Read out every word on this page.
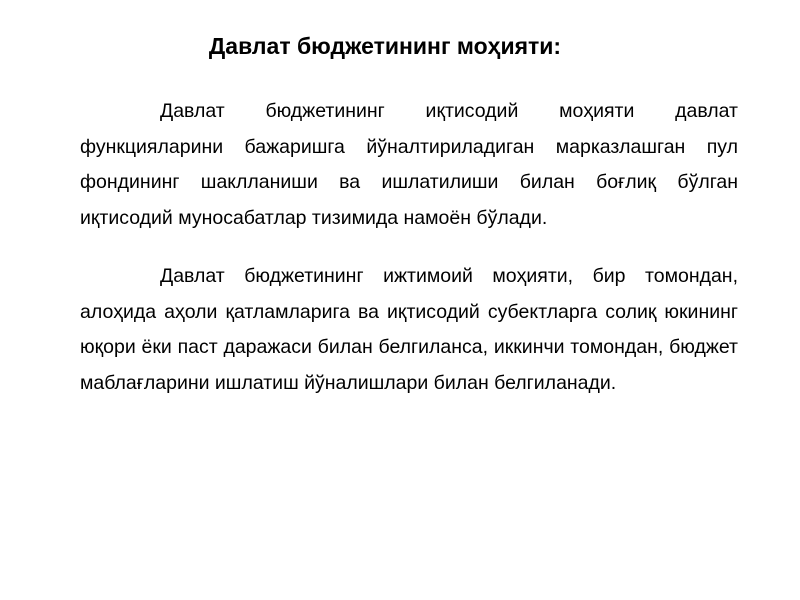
Давлат бюджетининг моҳияти:

Давлат бюджетининг иқтисодий моҳияти давлат функцияларини бажаришга йўналтириладиган марказлашган пул фондининг шаклланиши ва ишлатилиши билан боғлиқ бўлган иқтисодий муносабатлар тизимида намоён бўлади.

Давлат бюджетининг ижтимоий моҳияти, бир томондан, алоҳида аҳоли қатламларига ва иқтисодий субектларга солиқ юкининг юқори ёки паст даражаси билан белгиланса, иккинчи томондан, бюджет маблағларини ишлатиш йўналишлари билан белгиланади.
